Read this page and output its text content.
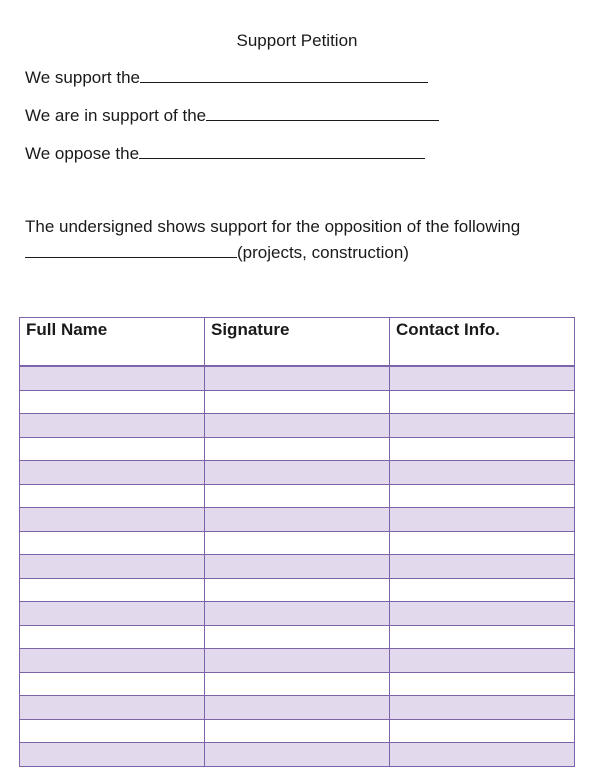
Support Petition
We support the
We are in support of the
We oppose the
The undersigned shows support for the opposition of the following
(projects, construction)
Full Name	Signature	Contact Info.
